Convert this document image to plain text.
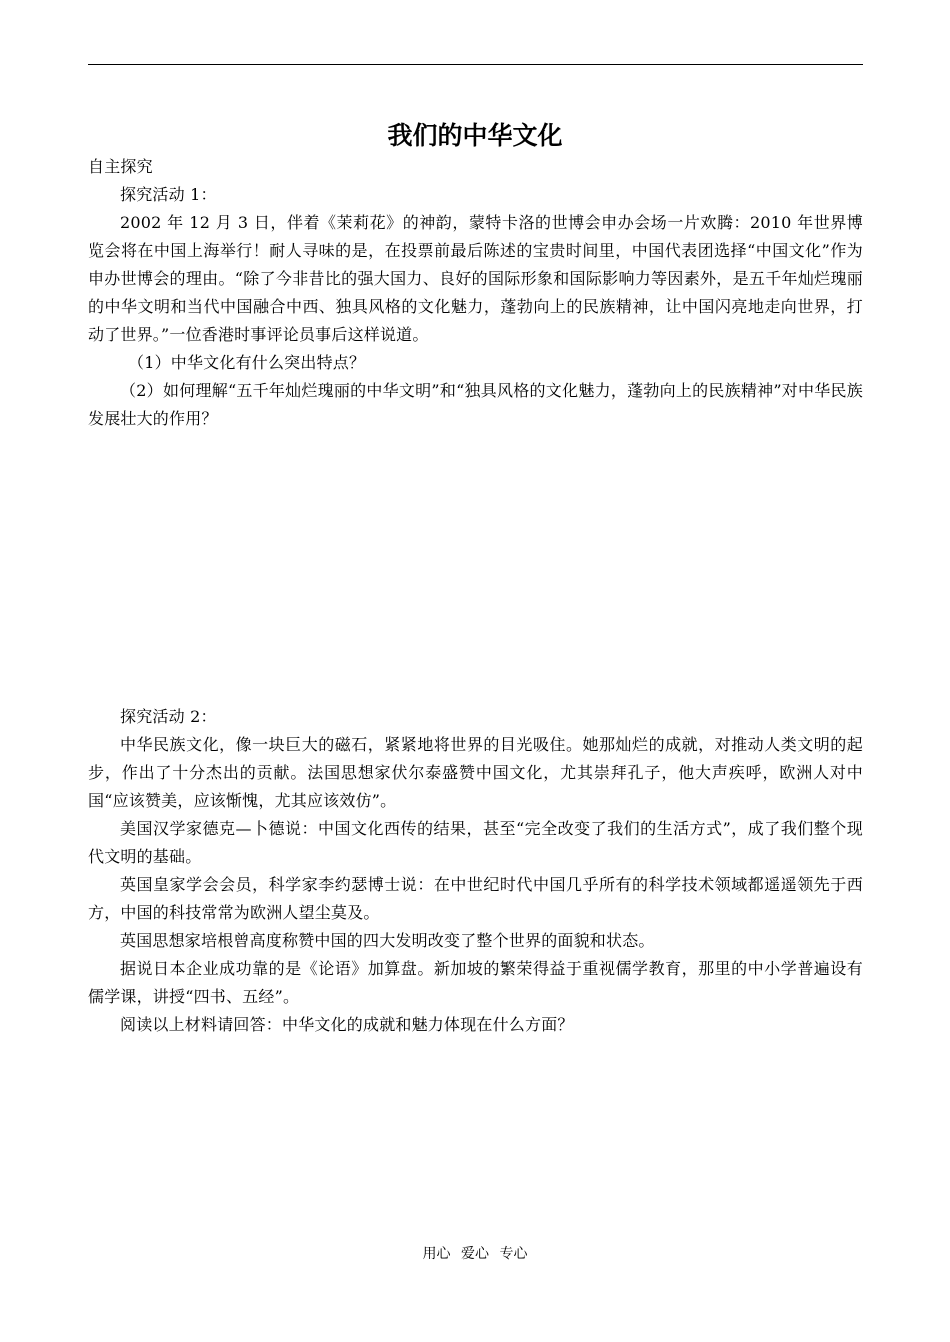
我们的中华文化

自主探究

探究活动 1：

2002 年 12 月 3 日，伴着《茉莉花》的神韵，蒙特卡洛的世博会申办会场一片欢腾：2010 年世界博览会将在中国上海举行！耐人寻味的是，在投票前最后陈述的宝贵时间里，中国代表团选择“中国文化”作为申办世博会的理由。“除了今非昔比的强大国力、良好的国际形象和国际影响力等因素外，是五千年灿烂瑰丽的中华文明和当代中国融合中西、独具风格的文化魅力，蓬勃向上的民族精神，让中国闪亮地走向世界，打动了世界。”一位香港时事评论员事后这样说道。

（1）中华文化有什么突出特点？

（2）如何理解“五千年灿烂瑰丽的中华文明”和“独具风格的文化魅力，蓬勃向上的民族精神”对中华民族发展壮大的作用？

探究活动 2：

中华民族文化，像一块巨大的磁石，紧紧地将世界的目光吸住。她那灿烂的成就，对推动人类文明的起步，作出了十分杰出的贡献。法国思想家伏尔泰盛赞中国文化，尤其崇拜孔子，他大声疾呼，欧洲人对中国“应该赞美，应该惭愧，尤其应该效仿”。

美国汉学家德克—卜德说：中国文化西传的结果，甚至“完全改变了我们的生活方式”，成了我们整个现代文明的基础。

英国皇家学会会员，科学家李约瑟博士说：在中世纪时代中国几乎所有的科学技术领域都遥遥领先于西方，中国的科技常常为欧洲人望尘莫及。

英国思想家培根曾高度称赞中国的四大发明改变了整个世界的面貌和状态。

据说日本企业成功靠的是《论语》加算盘。新加坡的繁荣得益于重视儒学教育，那里的中小学普遍设有儒学课，讲授“四书、五经”。

阅读以上材料请回答：中华文化的成就和魅力体现在什么方面？

用心 爱心 专心
